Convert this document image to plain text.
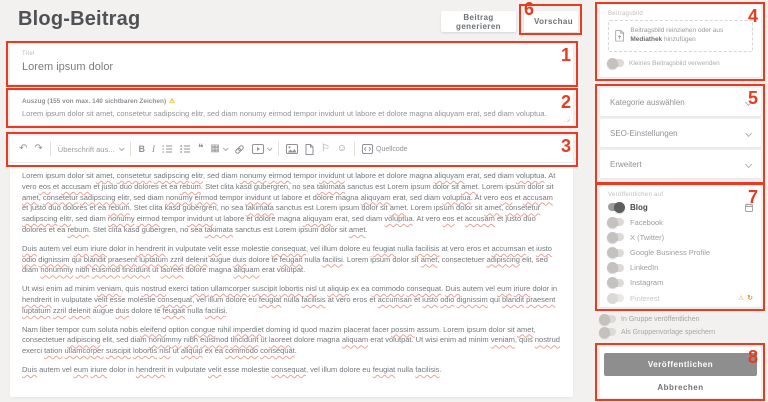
Blog-Beitrag	Beitrag generieren	Vorschau
Titel
Lorem ipsum dolor
Auszug (155 von max. 140 sichtbaren Zeichen) ⚠
Lorem ipsum dolor sit amet, consetetur sadipscing elitr, sed diam nonumy eirmod tempor invidunt ut labore et dolore magna aliquyam erat, sed diam voluptua.
↶ ↷ Überschrift aus...	B I	❝ ▦	⚐ ☺	Quellcode

Lorem ipsum dolor sit amet, consetetur sadipscing elitr, sed diam nonumy eirmod tempor invidunt ut labore et dolore magna aliquyam erat, sed diam voluptua. At vero eos et accusam et justo duo dolores et ea rebum. Stet clita kasd gubergren, no sea takimata sanctus est Lorem ipsum dolor sit amet. Lorem ipsum dolor sit amet, consetetur sadipscing elitr, sed diam nonumy eirmod tempor invidunt ut labore et dolore magna aliquyam erat, sed diam voluptua. At vero eos et accusam et justo duo dolores et ea rebum. Stet clita kasd gubergren, no sea takimata sanctus est Lorem ipsum dolor sit amet. Lorem ipsum dolor sit amet, consetetur sadipscing elitr, sed diam nonumy eirmod tempor invidunt ut labore et dolore magna aliquyam erat, sed diam voluptua. At vero eos et accusam et justo duo dolores et ea rebum. Stet clita kasd gubergren, no sea takimata sanctus est Lorem ipsum dolor sit amet.

Duis autem vel eum iriure dolor in hendrerit in vulputate velit esse molestie consequat, vel illum dolore eu feugiat nulla facilisis at vero eros et accumsan et iusto odio dignissim qui blandit praesent luptatum zzril delenit augue duis dolore te feugait nulla facilisi. Lorem ipsum dolor sit amet, consectetuer adipiscing elit, sed diam nonummy nibh euismod tincidunt ut laoreet dolore magna aliquam erat volutpat.

Ut wisi enim ad minim veniam, quis nostrud exerci tation ullamcorper suscipit lobortis nisl ut aliquip ex ea commodo consequat. Duis autem vel eum iriure dolor in hendrerit in vulputate velit esse molestie consequat, vel illum dolore eu feugiat nulla facilisis at vero eros et accumsan et iusto odio dignissim qui blandit praesent luptatum zzril delenit augue duis dolore te feugait nulla facilisi.

Nam liber tempor cum soluta nobis eleifend option congue nihil imperdiet doming id quod mazim placerat facer possim assum. Lorem ipsum dolor sit amet, consectetuer adipiscing elit, sed diam nonummy nibh euismod tincidunt ut laoreet dolore magna aliquam erat volutpat. Ut wisi enim ad minim veniam, quis nostrud exerci tation ullamcorper suscipit lobortis nisl ut aliquip ex ea commodo consequat.

Duis autem vel eum iriure dolor in hendrerit in vulputate velit esse molestie consequat, vel illum dolore eu feugiat nulla facilisis.

Beitragsbild
Beitragsbild reinziehen oder aus Mediathek hinzufügen
Kleines Beitragsbild verwenden
Kategorie auswählen
SEO-Einstellungen
Erweitert
Veröffentlichen auf
Blog
Facebook
X (Twitter)
Google Business Profile
LinkedIn
Instagram
Pinterest	⚠ ↻
In Gruppe veröffentlichen
Als Gruppenvorlage speichern
Veröffentlichen
Abbrechen
1
2
3
4
5
6
7
8
